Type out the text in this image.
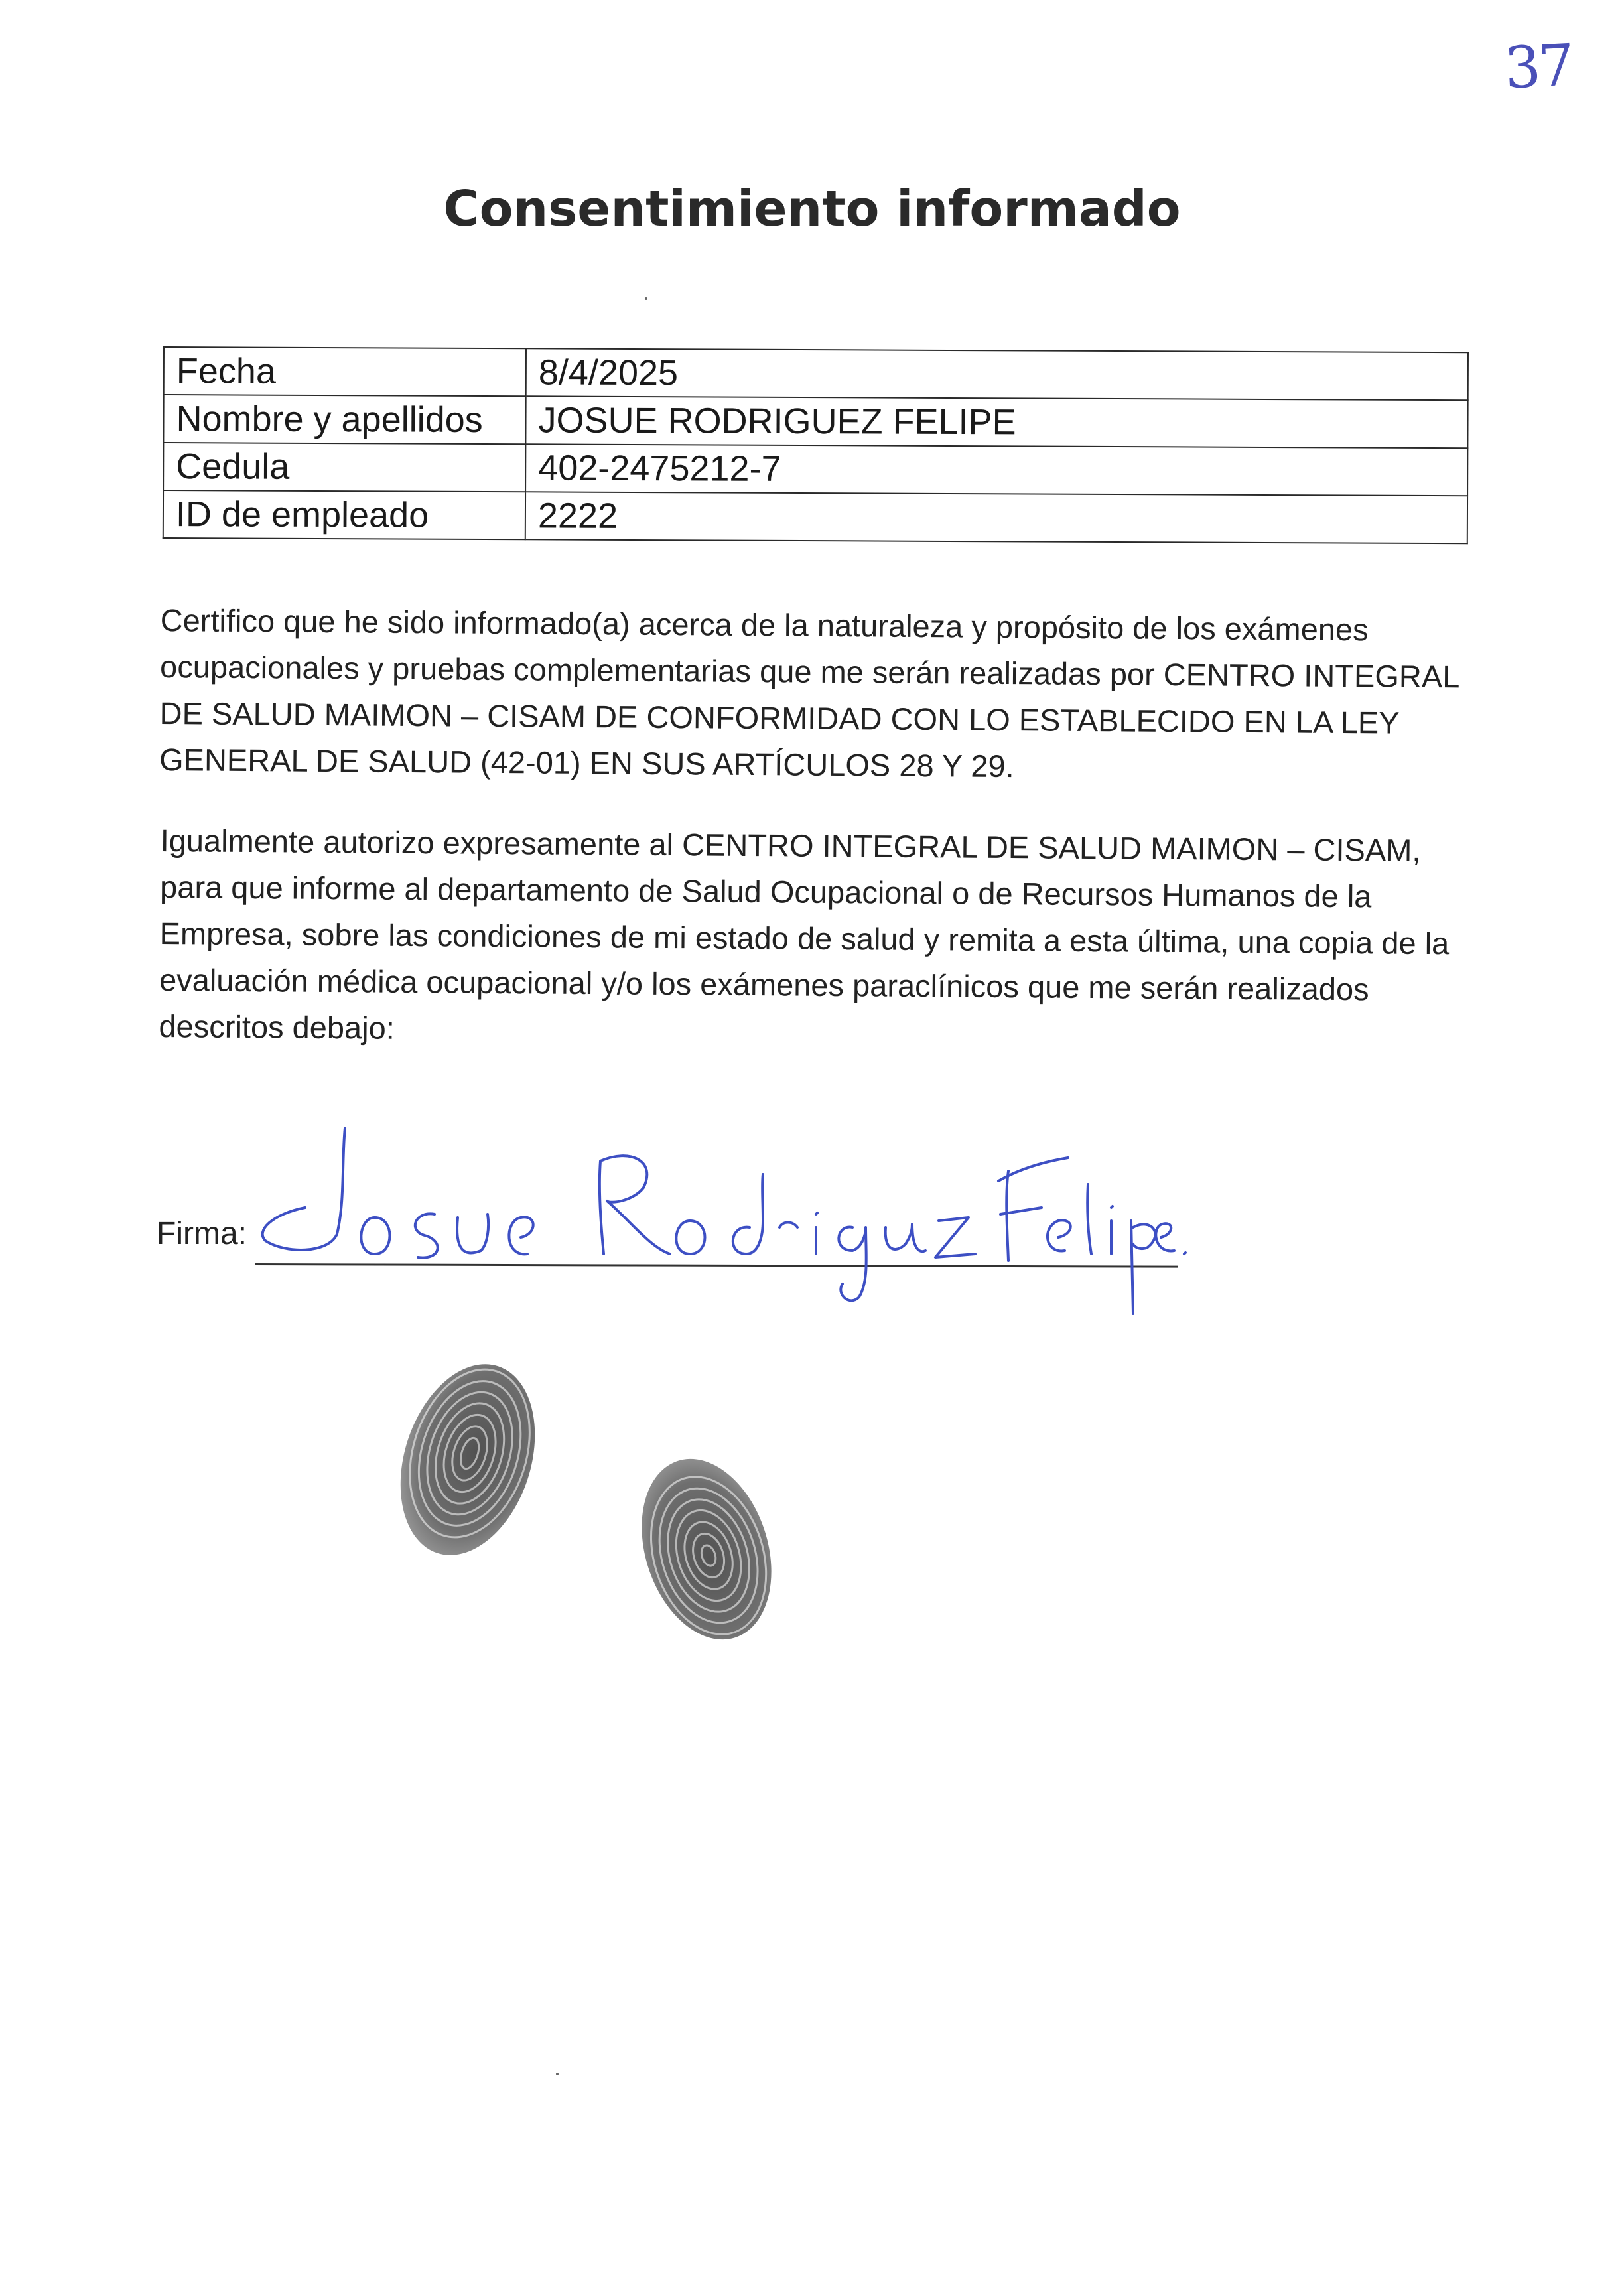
37
Consentimiento informado
Fecha	8/4/2025
Nombre y apellidos	JOSUE RODRIGUEZ FELIPE
Cedula	402-2475212-7
ID de empleado	2222

Certifico que he sido informado(a) acerca de la naturaleza y propósito de los exámenes ocupacionales y pruebas complementarias que me serán realizadas por CENTRO INTEGRAL DE SALUD MAIMON – CISAM DE CONFORMIDAD CON LO ESTABLECIDO EN LA LEY GENERAL DE SALUD (42-01) EN SUS ARTÍCULOS 28 Y 29.

Igualmente autorizo expresamente al CENTRO INTEGRAL DE SALUD MAIMON – CISAM, para que informe al departamento de Salud Ocupacional o de Recursos Humanos de la Empresa, sobre las condiciones de mi estado de salud y remita a esta última, una copia de la evaluación médica ocupacional y/o los exámenes paraclínicos que me serán realizados descritos debajo:

Firma:
